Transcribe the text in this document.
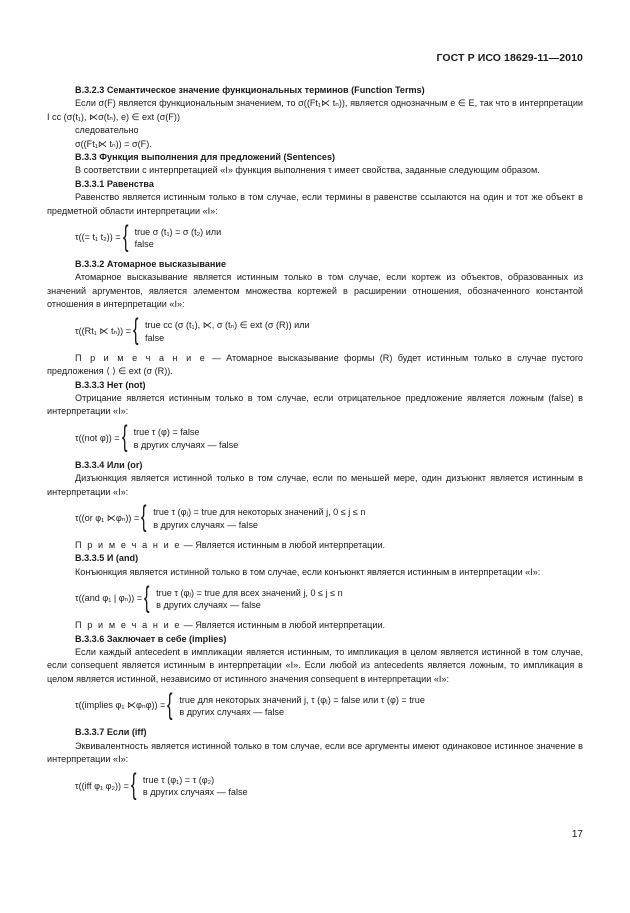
ГОСТ Р ИСО 18629-11—2010

В.3.2.3 Семантическое значение функциональных терминов (Function Terms)

Если σ(F) является функциональным значением, то σ((Ft₁⋉ tₙ)), является однозначным e ∈ E, так что в интерпретации I cc (σ(t₁), ⋉σ(tₙ), e) ∈ ext (σ(F))

следовательно

σ((Ft₁⋉ tₙ)) = σ(F).

В.3.3 Функция выполнения для предложений (Sentences)

В соответствии с интерпретацией «I» функция выполнения τ имеет свойства, заданные следующим образом.

В.3.3.1 Равенства

Равенство является истинным только в том случае, если термины в равенстве ссылаются на один и тот же объект в предметной области интерпретации «I»:

τ((= t₁ t₂)) = { true σ (t₁) = σ (t₂) или
false

В.3.3.2 Атомарное высказывание

Атомарное высказывание является истинным только в том случае, если кортеж из объектов, образованных из значений аргументов, является элементом множества кортежей в расширении отношения, обозначенного константой отношения в интерпретации «I»:

τ((Rt₁ ⋉ tₙ)) = { true cc (σ (t₁), ⋉, σ (tₙ) ∈ ext (σ (R)) или
false

П р и м е ч а н и е — Атомарное высказывание формы (R) будет истинным только в случае пустого предложения ⟨ ⟩ ∈ ext (σ (R)).

В.3.3.3 Нет (not)

Отрицание является истинным только в том случае, если отрицательное предложение является ложным (false) в интерпретации «I»:

τ((not φ)) = { true τ (φ) = false
в других случаях — false

В.3.3.4 Или (or)

Дизъюнкция является истинной только в том случае, если по меньшей мере, один дизъюнкт является истинным в интерпретации «I»:

τ((or φ₁ ⋉φₙ)) = { true τ (φⱼ) = true для некоторых значений j, 0 ≤ j ≤ n
в других случаях — false

П р и м е ч а н и е — Является истинным в любой интерпретации.

В.3.3.5 И (and)

Конъюнкция является истинной только в том случае, если конъюнкт является истинным в интерпретации «I»:

τ((and φ₁ | φₙ)) = { true τ (φⱼ) = true для всех значений j, 0 ≤ j ≤ n
в других случаях — false

П р и м е ч а н и е — Является истинным в любой интерпретации.

В.3.3.6 Заключает в себе (implies)

Если каждый antecedent в импликации является истинным, то импликация в целом является истинной в том случае, если consequent является истинным в интерпретации «I». Если любой из antecedents является ложным, то импликация в целом является истинной, независимо от истинного значения consequent в интерпретации «I»:

τ((implies φ₁ ⋉φₙφ)) = { true для некоторых значений j, τ (φⱼ) = false или τ (φ) = true
в других случаях — false

В.3.3.7 Если (iff)

Эквивалентность является истинной только в том случае, если все аргументы имеют одинаковое истинное значение в интерпретации «I»:

τ((iff φ₁ φ₂)) = { true τ (φ₁) = τ (φ₂)
в других случаях — false
17
